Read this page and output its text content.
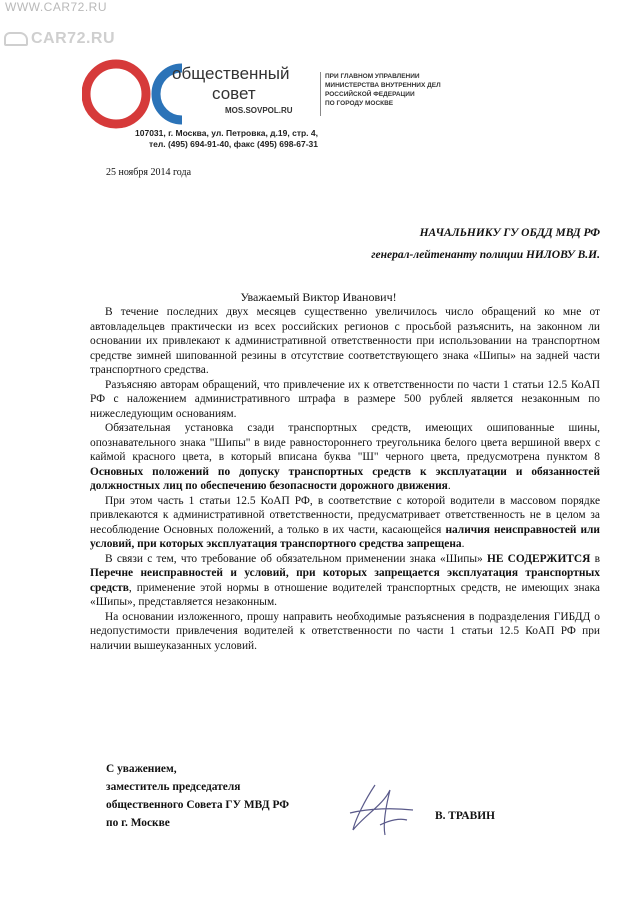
WWW.CAR72.RU
CAR72.RU
общественный
совет
MOS.SOVPOL.RU
ПРИ ГЛАВНОМ УПРАВЛЕНИИ
МИНИСТЕРСТВА ВНУТРЕННИХ ДЕЛ
РОССИЙСКОЙ ФЕДЕРАЦИИ
ПО ГОРОДУ МОСКВЕ
107031, г. Москва, ул. Петровка, д.19, стр. 4,
тел. (495) 694-91-40, факс (495) 698-67-31
25 ноября 2014 года
НАЧАЛЬНИКУ ГУ ОБДД МВД РФ
генерал-лейтенанту полиции НИЛОВУ В.И.
Уважаемый Виктор Иванович!

В течение последних двух месяцев существенно увеличилось число обращений ко мне от автовладельцев практически из всех российских регионов с просьбой разъяснить, на законном ли основании их привлекают к административной ответственности при использовании на транспортном средстве зимней шипованной резины в отсутствие соответствующего знака «Шипы» на задней части транспортного средства.

Разъясняю авторам обращений, что привлечение их к ответственности по части 1 статьи 12.5 КоАП РФ с наложением административного штрафа в размере 500 рублей является незаконным по нижеследующим основаниям.

Обязательная установка сзади транспортных средств, имеющих ошипованные шины, опознавательного знака "Шипы" в виде равностороннего треугольника белого цвета вершиной вверх с каймой красного цвета, в который вписана буква "Ш" черного цвета, предусмотрена пунктом 8 Основных положений по допуску транспортных средств к эксплуатации и обязанностей должностных лиц по обеспечению безопасности дорожного движения.

При этом часть 1 статьи 12.5 КоАП РФ, в соответствие с которой водители в массовом порядке привлекаются к административной ответственности, предусматривает ответственность не в целом за несоблюдение Основных положений, а только в их части, касающейся наличия неисправностей или условий, при которых эксплуатация транспортного средства запрещена.

В связи с тем, что требование об обязательном применении знака «Шипы» НЕ СОДЕРЖИТСЯ в Перечне неисправностей и условий, при которых запрещается эксплуатация транспортных средств, применение этой нормы в отношение водителей транспортных средств, не имеющих знака «Шипы», представляется незаконным.

На основании изложенного, прошу направить необходимые разъяснения в подразделения ГИБДД о недопустимости привлечения водителей к ответственности по части 1 статьи 12.5 КоАП РФ при наличии вышеуказанных условий.

С уважением,
заместитель председателя
общественного Совета ГУ МВД РФ
по г. Москве
В. ТРАВИН
